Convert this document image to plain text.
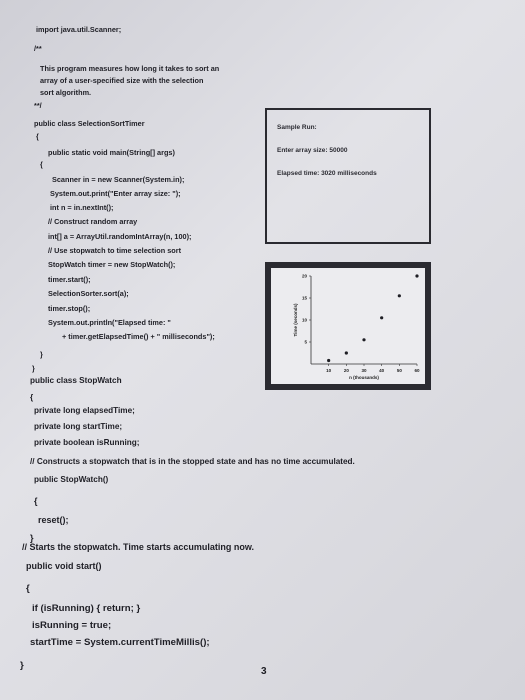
import java.util.Scanner;
/**
This program measures how long it takes to sort an
array of a user-specified size with the selection
sort algorithm.
**/
public class SelectionSortTimer
{
public static void main(String[] args)
{
Scanner in = new Scanner(System.in);
System.out.print("Enter array size: ");
int n = in.nextInt();
// Construct random array
int[] a = ArrayUtil.randomIntArray(n, 100);
// Use stopwatch to time selection sort
StopWatch timer = new StopWatch();
timer.start();
SelectionSorter.sort(a);
timer.stop();
System.out.println("Elapsed time: "
+ timer.getElapsedTime() + " milliseconds");
}
}
public class StopWatch
{
private long elapsedTime;
private long startTime;
private boolean isRunning;
// Constructs a stopwatch that is in the stopped state and has no time accumulated.
public StopWatch()
{
reset();
}
// Starts the stopwatch. Time starts accumulating now.
public void start()
{
if (isRunning) { return; }
isRunning = true;
startTime = System.currentTimeMillis();
}
Sample Run:
Enter array size: 50000
Elapsed time: 3020 milliseconds
10	20	30	40	50	60
5
10
15
20
n (thousands)
Time (seconds)
3
